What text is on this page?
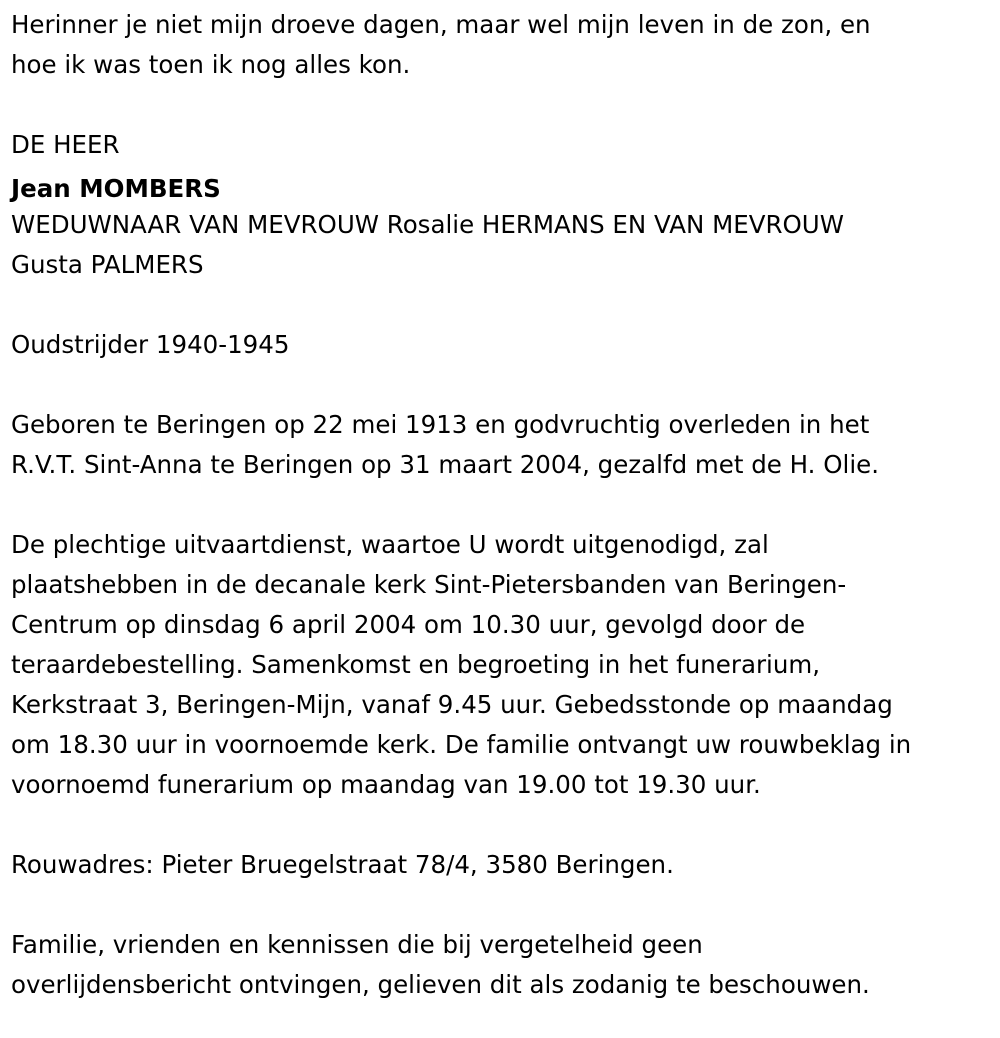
Herinner je niet mijn droeve dagen, maar wel mijn leven in de zon, en
hoe ik was toen ik nog alles kon.

DE HEER

Jean MOMBERS

WEDUWNAAR VAN MEVROUW Rosalie HERMANS EN VAN MEVROUW
Gusta PALMERS

Oudstrijder 1940-1945

Geboren te Beringen op 22 mei 1913 en godvruchtig overleden in het
R.V.T. Sint-Anna te Beringen op 31 maart 2004, gezalfd met de H. Olie.

De plechtige uitvaartdienst, waartoe U wordt uitgenodigd, zal
plaatshebben in de decanale kerk Sint-Pietersbanden van Beringen-
Centrum op dinsdag 6 april 2004 om 10.30 uur, gevolgd door de
teraardebestelling. Samenkomst en begroeting in het funerarium,
Kerkstraat 3, Beringen-Mijn, vanaf 9.45 uur. Gebedsstonde op maandag
om 18.30 uur in voornoemde kerk. De familie ontvangt uw rouwbeklag in
voornoemd funerarium op maandag van 19.00 tot 19.30 uur.

Rouwadres: Pieter Bruegelstraat 78/4, 3580 Beringen.

Familie, vrienden en kennissen die bij vergetelheid geen
overlijdensbericht ontvingen, gelieven dit als zodanig te beschouwen.
